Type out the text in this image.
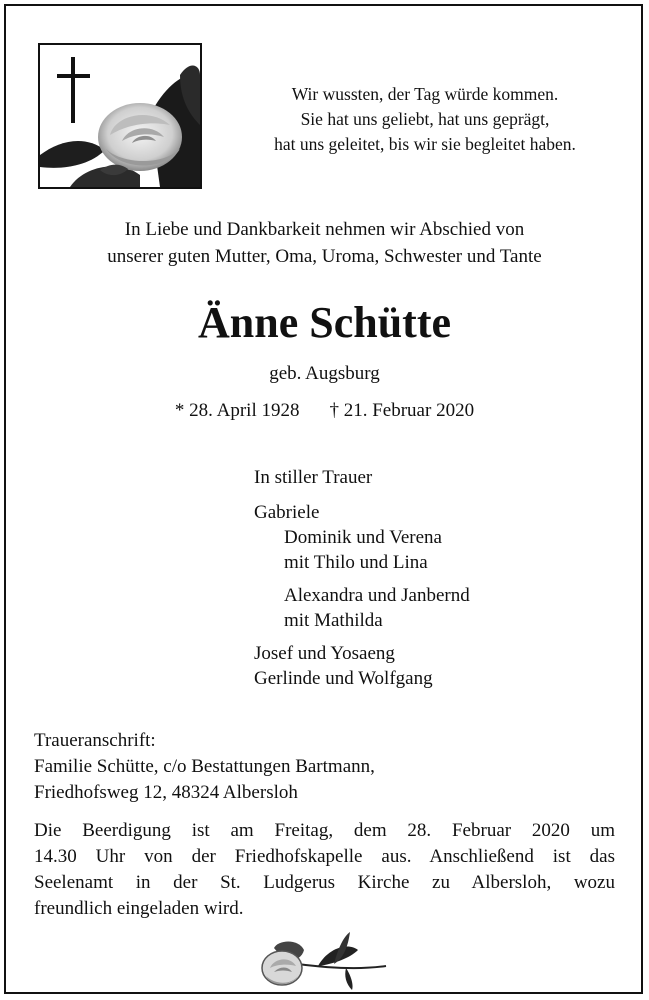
Wir wussten, der Tag würde kommen.
Sie hat uns geliebt, hat uns geprägt,
hat uns geleitet, bis wir sie begleitet haben.
In Liebe und Dankbarkeit nehmen wir Abschied von
unserer guten Mutter, Oma, Uroma, Schwester und Tante
Änne Schütte
geb. Augsburg
* 28. April 1928 † 21. Februar 2020
In stiller Trauer
Gabriele
Dominik und Verena
mit Thilo und Lina
Alexandra und Janbernd
mit Mathilda
Josef und Yosaeng
Gerlinde und Wolfgang
Traueranschrift:
Familie Schütte, c/o Bestattungen Bartmann,
Friedhofsweg 12, 48324 Albersloh
Die Beerdigung ist am Freitag, dem 28. Februar 2020 um
14.30 Uhr von der Friedhofskapelle aus. Anschließend ist das
Seelenamt in der St. Ludgerus Kirche zu Albersloh, wozu
freundlich eingeladen wird.
